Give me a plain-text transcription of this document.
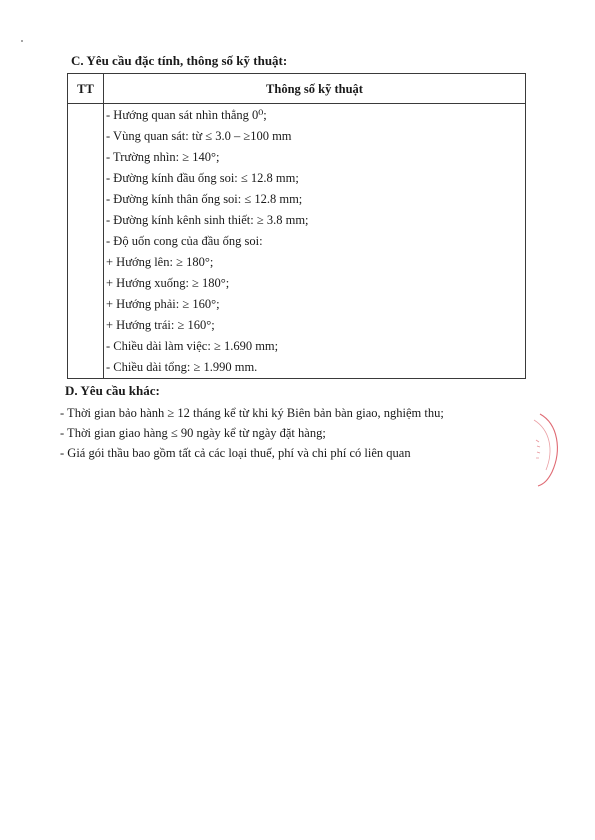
C. Yêu cầu đặc tính, thông số kỹ thuật:
TT	Thông số kỹ thuật
- Hướng quan sát nhìn thẳng 0⁰;
- Vùng quan sát: từ ≤ 3.0 – ≥100 mm
- Trường nhìn: ≥ 140°;
- Đường kính đầu ống soi: ≤ 12.8 mm;
- Đường kính thân ống soi: ≤ 12.8 mm;
- Đường kính kênh sinh thiết: ≥ 3.8 mm;
- Độ uốn cong của đầu ống soi:
+ Hướng lên: ≥ 180°;
+ Hướng xuống: ≥ 180°;
+ Hướng phải: ≥ 160°;
+ Hướng trái: ≥ 160°;
- Chiều dài làm việc: ≥ 1.690 mm;
- Chiều dài tổng: ≥ 1.990 mm.
D. Yêu cầu khác:
- Thời gian bảo hành ≥ 12 tháng kể từ khi ký Biên bản bàn giao, nghiệm thu;
- Thời gian giao hàng ≤ 90 ngày kể từ ngày đặt hàng;
- Giá gói thầu bao gồm tất cả các loại thuế, phí và chi phí có liên quan
